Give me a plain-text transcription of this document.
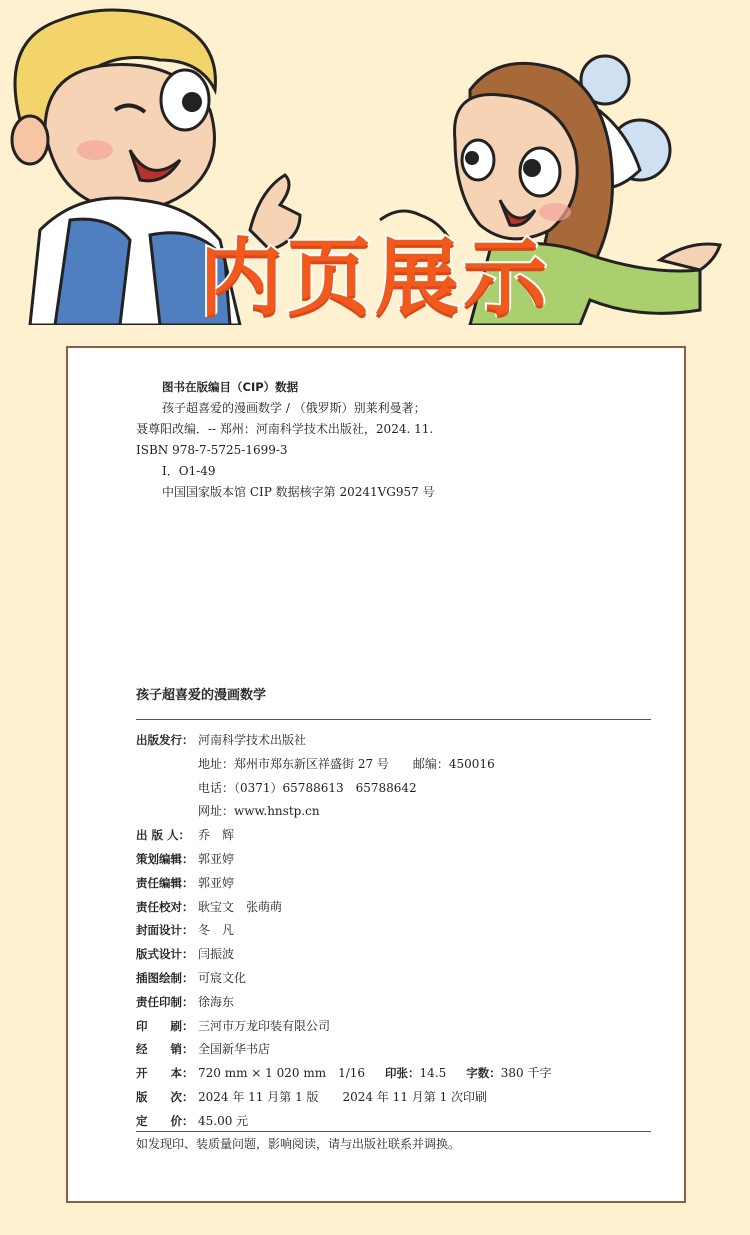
内页展示
图书在版编目（CIP）数据
孩子超喜爱的漫画数学 / （俄罗斯）别莱利曼著；
聂尊阳改编．-- 郑州：河南科学技术出版社，2024. 11.
ISBN 978-7-5725-1699-3
Ⅰ．O1-49
中国国家版本馆 CIP 数据核字第 20241VG957 号
孩子超喜爱的漫画数学
出版发行： 河南科学技术出版社
地址：郑州市郑东新区祥盛街 27 号 邮编：450016
电话：（0371）65788613　65788642
网址：www.hnstp.cn
出 版 人： 乔　辉
策划编辑： 郭亚婷
责任编辑： 郭亚婷
责任校对： 耿宝文　张萌萌
封面设计： 冬　凡
版式设计： 闫振波
插图绘制： 可宸文化
责任印制： 徐海东
印　　刷： 三河市万龙印装有限公司
经　　销： 全国新华书店
开　　本： 720 mm × 1 020 mm　1/16 印张： 14.5 字数： 380 千字
版　　次： 2024 年 11 月第 1 版　　2024 年 11 月第 1 次印刷
定　　价： 45.00 元
如发现印、装质量问题，影响阅读，请与出版社联系并调换。
